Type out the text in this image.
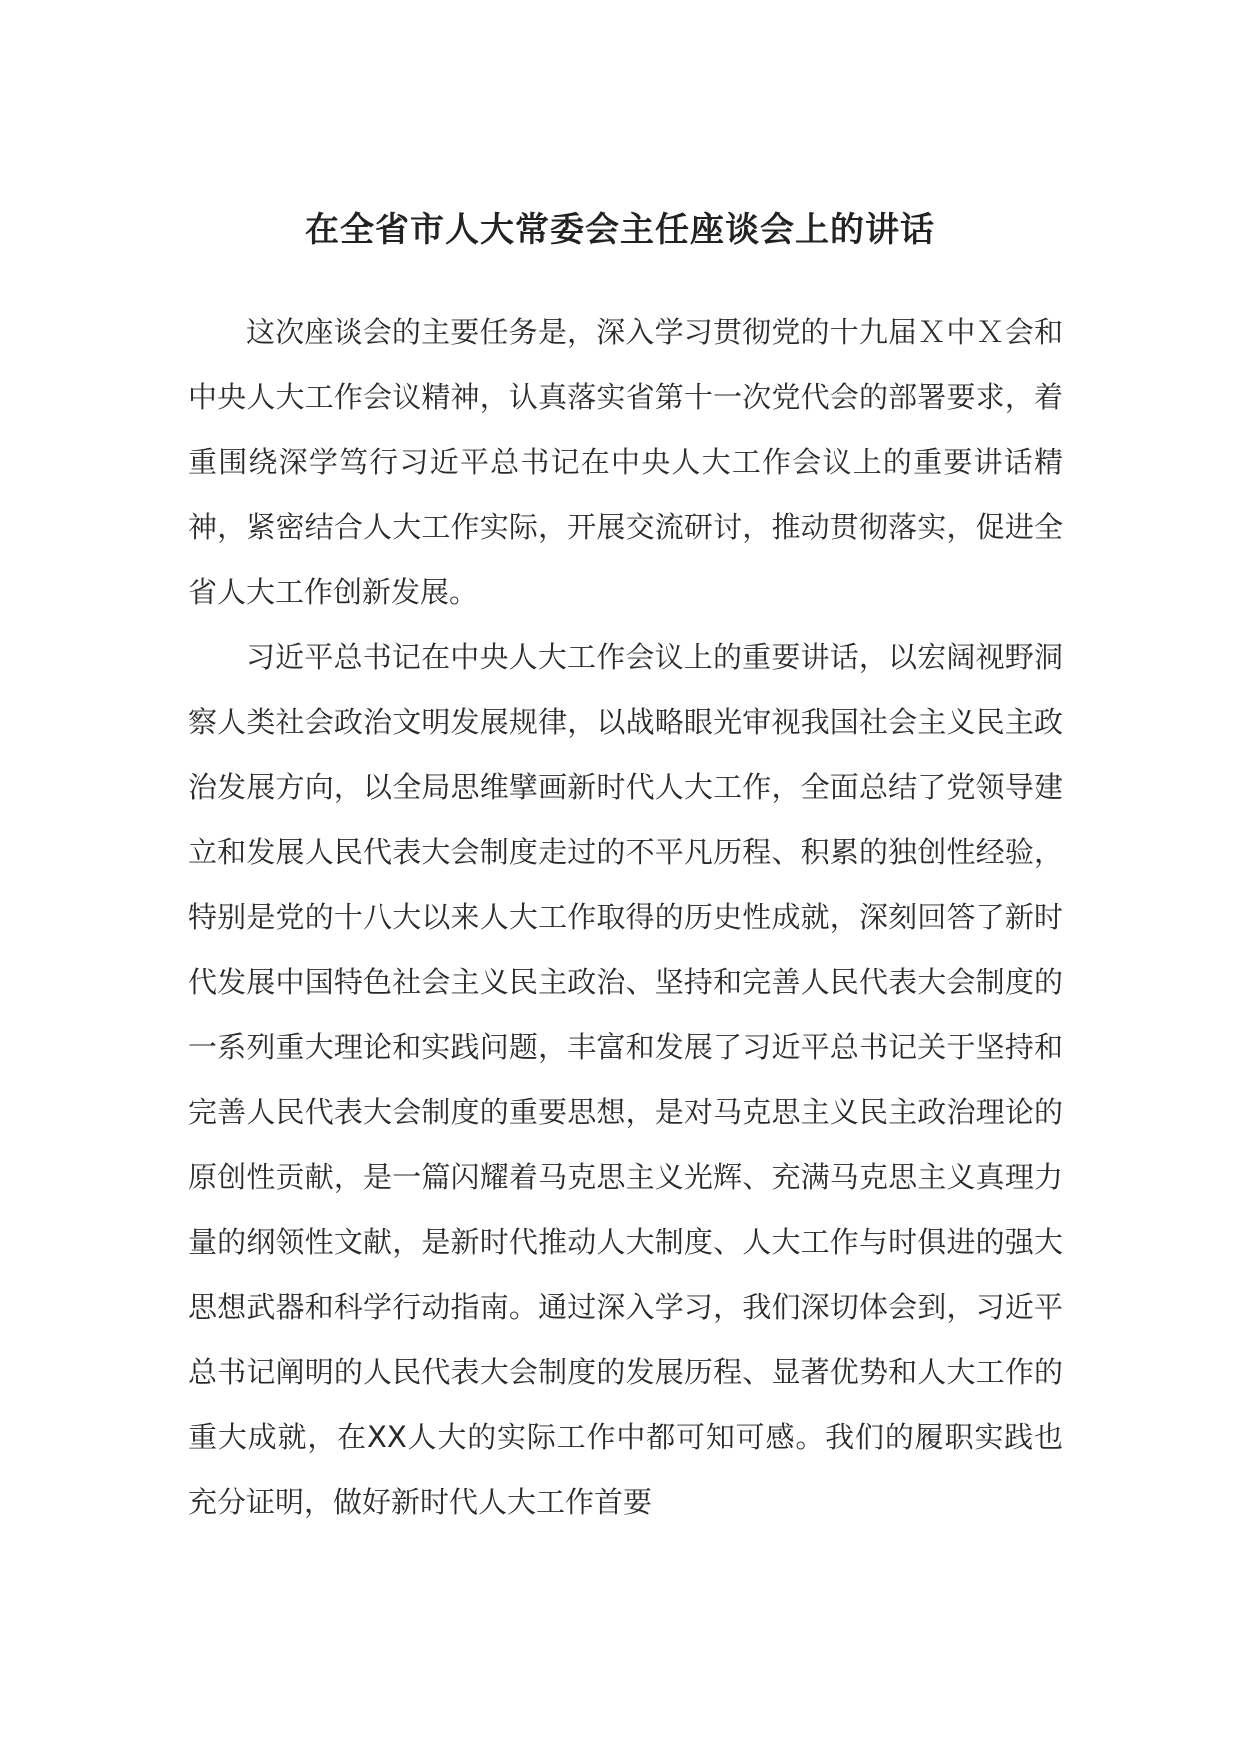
在全省市人大常委会主任座谈会上的讲话

这次座谈会的主要任务是，深入学习贯彻党的十九届Ｘ中Ｘ会和中央人大工作会议精神，认真落实省第十一次党代会的部署要求，着重围绕深学笃行习近平总书记在中央人大工作会议上的重要讲话精神，紧密结合人大工作实际，开展交流研讨，推动贯彻落实，促进全省人大工作创新发展。

习近平总书记在中央人大工作会议上的重要讲话，以宏阔视野洞察人类社会政治文明发展规律，以战略眼光审视我国社会主义民主政治发展方向，以全局思维擘画新时代人大工作，全面总结了党领导建立和发展人民代表大会制度走过的不平凡历程、积累的独创性经验，特别是党的十八大以来人大工作取得的历史性成就，深刻回答了新时代发展中国特色社会主义民主政治、坚持和完善人民代表大会制度的一系列重大理论和实践问题，丰富和发展了习近平总书记关于坚持和完善人民代表大会制度的重要思想，是对马克思主义民主政治理论的原创性贡献，是一篇闪耀着马克思主义光辉、充满马克思主义真理力量的纲领性文献，是新时代推动人大制度、人大工作与时俱进的强大思想武器和科学行动指南。通过深入学习，我们深切体会到，习近平总书记阐明的人民代表大会制度的发展历程、显著优势和人大工作的重大成就，在XX人大的实际工作中都可知可感。我们的履职实践也充分证明，做好新时代人大工作首要
